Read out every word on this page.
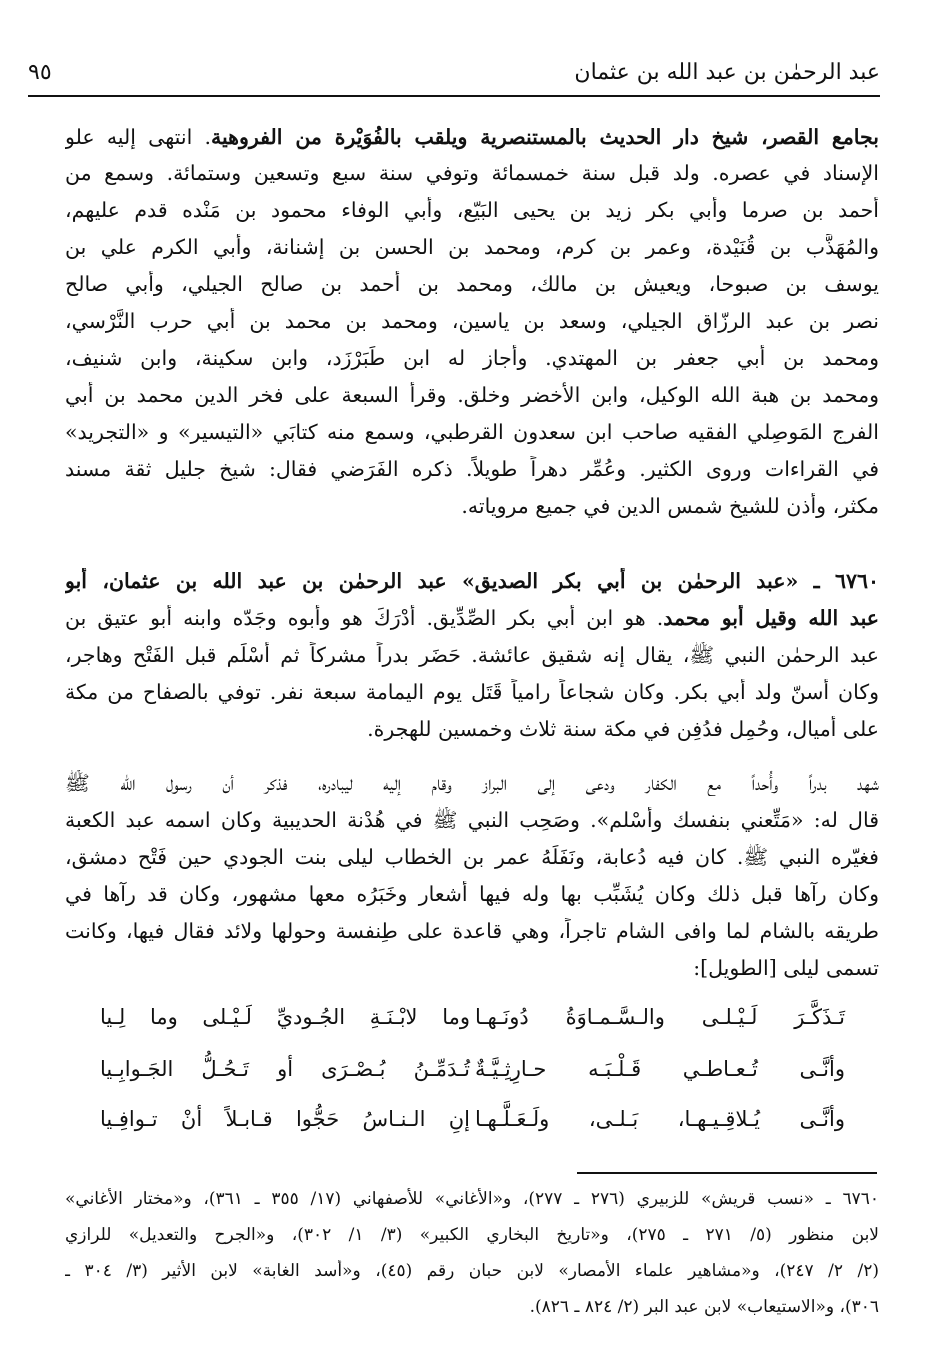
عبد الرحمٰن بن عبد الله بن عثمان
٩٥
بجامع القصر، شيخ دار الحديث بالمستنصرية ويلقب بالفُوَيْرة من الفروهية. انتهى إليه علو
الإسناد في عصره. ولد قبل سنة خمسمائة وتوفي سنة سبع وتسعين وستمائة. وسمع من
أحمد بن صرما وأبي بكر زيد بن يحيى البَيّع، وأبي الوفاء محمود بن مَنْده قدم عليهم،
والمُهَذَّب بن قُنَيْدة، وعمر بن كرم، ومحمد بن الحسن بن إشنانة، وأبي الكرم علي بن
يوسف بن صبوحا، ويعيش بن مالك، ومحمد بن أحمد بن صالح الجيلي، وأبي صالح
نصر بن عبد الرزّاق الجيلي، وسعد بن ياسين، ومحمد بن محمد بن أبي حرب النَّرْسي،
ومحمد بن أبي جعفر بن المهتدي. وأجاز له ابن طَبَرْزَد، وابن سكينة، وابن شنيف،
ومحمد بن هبة الله الوكيل، وابن الأخضر وخلق. وقرأ السبعة على فخر الدين محمد بن أبي
الفرج المَوصِلي الفقيه صاحب ابن سعدون القرطبي، وسمع منه كتابَي «التيسير» و «التجريد»
في القراءات وروى الكثير. وعُمِّر دهراً طويلاً. ذكره الفَرَضي فقال: شيخ جليل ثقة مسند
مكثر، وأذن للشيخ شمس الدين في جميع مروياته.
٦٧٦٠ ـ «عبد الرحمٰن بن أبي بكر الصديق» عبد الرحمٰن بن عبد الله بن عثمان، أبو
عبد الله وقيل أبو محمد. هو ابن أبي بكر الصِّدِّيق. أدْرَكَ هو وأبوه وجَدّه وابنه أبو عتيق بن
عبد الرحمٰن النبي ﷺ، يقال إنه شقيق عائشة. حَضَر بدراً مشركاً ثم أسْلَم قبل الفَتْح وهاجر،
وكان أسنّ ولد أبي بكر. وكان شجاعاً رامياً قَتَل يوم اليمامة سبعة نفر. توفي بالصفاح من مكة
على أميال، وحُمِل فدُفِن في مكة سنة ثلاث وخمسين للهجرة.
شهد بدراً وأُحداً مع الكفار ودعي إلى البراز وقام إليه ليبادره، فذكر أن رسول الله ﷺ
قال له: «مَتِّعني بنفسك وأسْلم». وصَحِب النبي ﷺ في هُدْنة الحديبية وكان اسمه عبد الكعبة
فغيّره النبي ﷺ. كان فيه دُعابة، ونَفَلَهُ عمر بن الخطاب ليلى بنت الجودي حين فَتْح دمشق،
وكان رآها قبل ذلك وكان يُشَبِّب بها وله فيها أشعار وخَبَرُه معها مشهور، وكان قد رآها في
طريقه بالشام لما وافى الشام تاجراً، وهي قاعدة على طِنفسة وحولها ولائد فقال فيها، وكانت
تسمى ليلى [الطويل]:
تَـذَكَّـرَ لَـيْـلـى والـسَّـمـاوَةُ دُونَـهـا
وما لابْـنَـةِ الجُـوديِّ لَـيْـلى وما لِـيا
وأنَّـى تُـعـاطـي قَـلْـبَـه حـارِثِـيَّـةٌ
تُـدَمِّـنُ بُـصْـرَى أو تَـحُـلُّ الجَـوابِـيا
وأنَّـى يُـلاقِـيـهـا، بَـلـى، ولَـعَـلَّـهـا
إنِ الـنـاسُ حَجُّوا قـابـلاً أنْ تـوافِـيا
٦٧٦٠ ـ «نسب قريش» للزبيري (٢٧٦ ـ ٢٧٧)، و«الأغاني» للأصفهاني (١٧/ ٣٥٥ ـ ٣٦١)، و«مختار الأغاني»
لابن منظور (٥/ ٢٧١ ـ ٢٧٥)، و«تاريخ البخاري الكبير» (٣/ ١/ ٣٠٢)، و«الجرح والتعديل» للرازي
(٢/ ٢/ ٢٤٧)، و«مشاهير علماء الأمصار» لابن حبان رقم (٤٥)، و«أسد الغابة» لابن الأثير (٣/ ٣٠٤ ـ
٣٠٦)، و«الاستيعاب» لابن عبد البر (٢/ ٨٢٤ ـ ٨٢٦).
